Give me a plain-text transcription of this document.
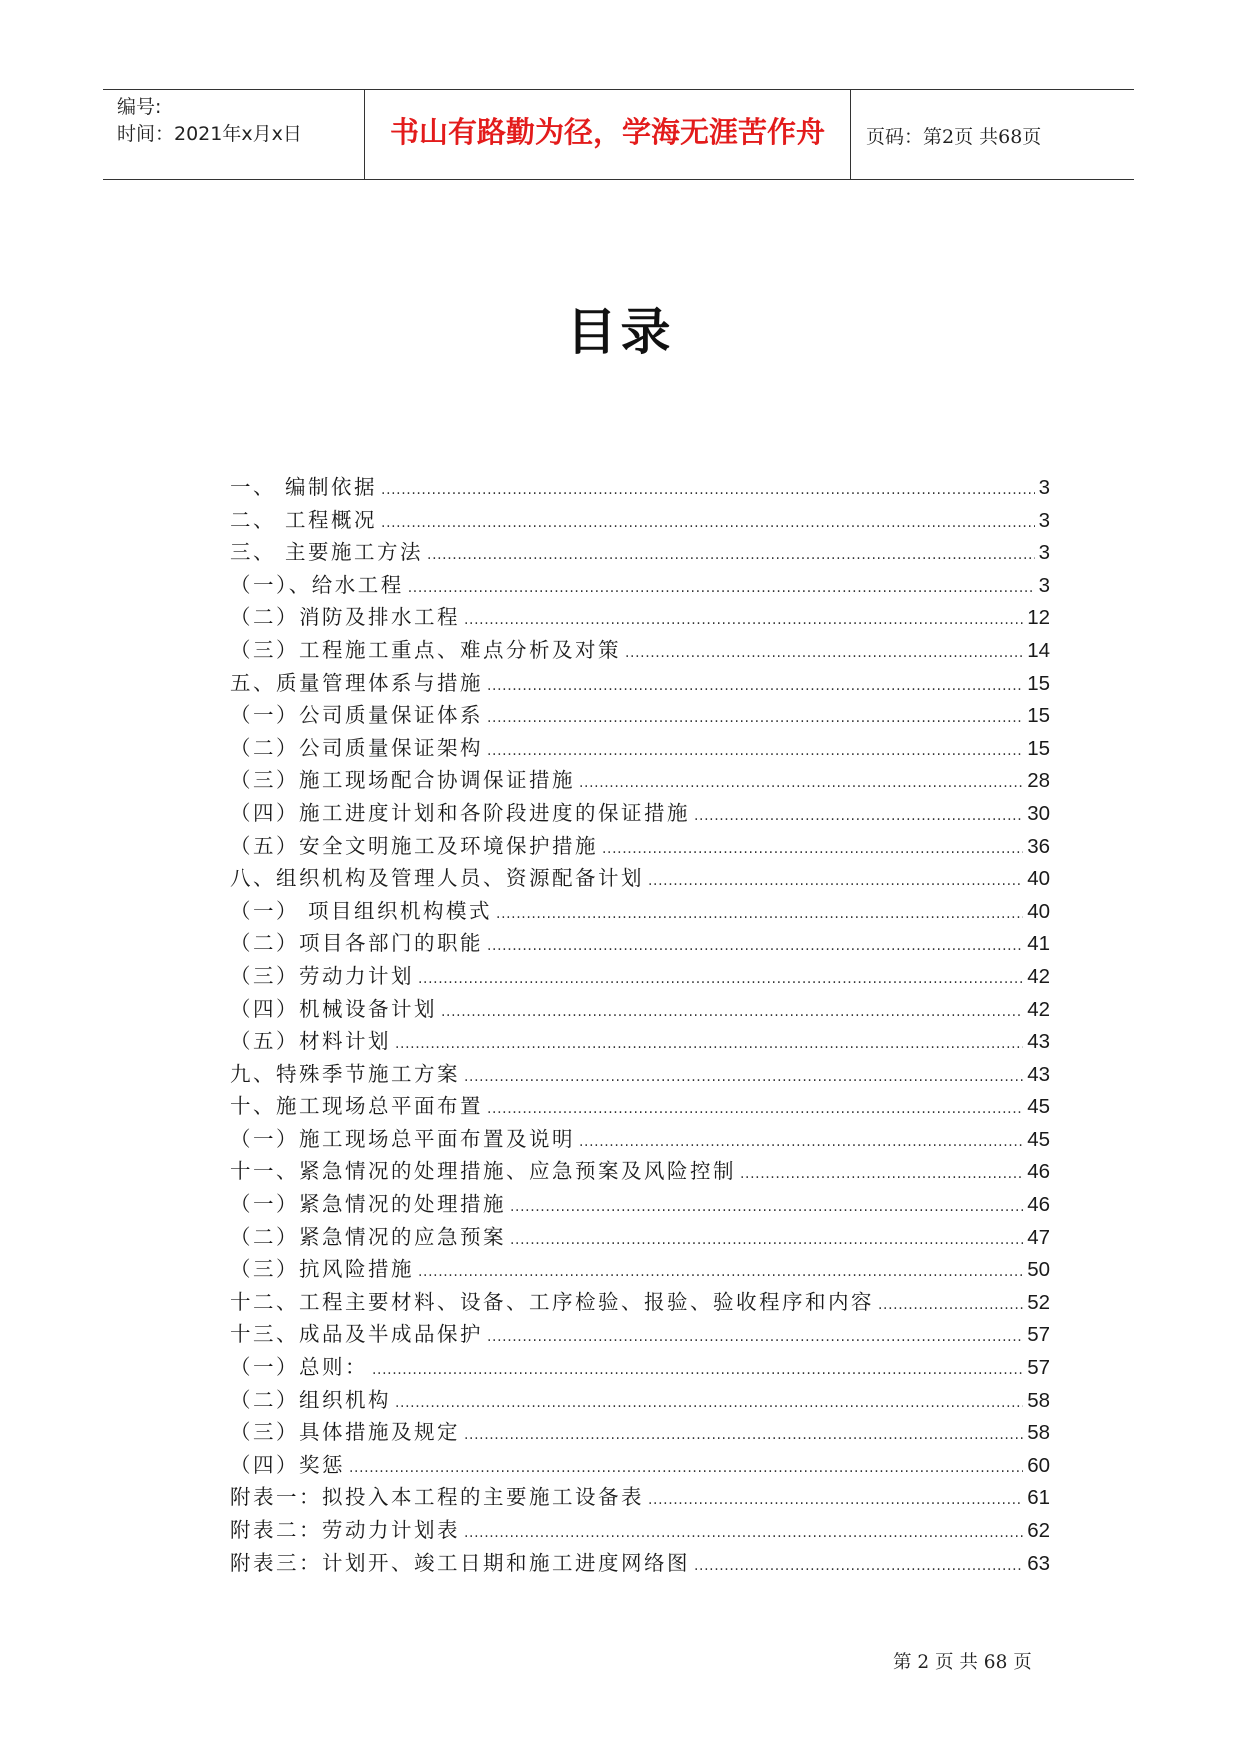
编号:
时间：2021年x月x日	书山有路勤为径，学海无涯苦作舟	页码：第2页 共68页
目录
一、 编制依据 .....	3
二、 工程概况 .....	3
三、 主要施工方法 .....	3
（一）、给水工程 .....	3
（二）消防及排水工程 .....	12
（三）工程施工重点、难点分析及对策 .....	14
五、质量管理体系与措施 .....	15
（一）公司质量保证体系 .....	15
（二）公司质量保证架构 .....	15
（三）施工现场配合协调保证措施 .....	28
（四）施工进度计划和各阶段进度的保证措施 .....	30
（五）安全文明施工及环境保护措施 .....	36
八、组织机构及管理人员、资源配备计划 .....	40
（一） 项目组织机构模式 .....	40
（二）项目各部门的职能 .....	41
（三）劳动力计划 .....	42
（四）机械设备计划 .....	42
（五）材料计划 .....	43
九、特殊季节施工方案 .....	43
十、施工现场总平面布置 .....	45
（一）施工现场总平面布置及说明 .....	45
十一、紧急情况的处理措施、应急预案及风险控制 .....	46
（一）紧急情况的处理措施 .....	46
（二）紧急情况的应急预案 .....	47
（三）抗风险措施 .....	50
十二、工程主要材料、设备、工序检验、报验、验收程序和内容 .....	52
十三、成品及半成品保护 .....	57
（一）总则： .....	57
（二）组织机构 .....	58
（三）具体措施及规定 .....	58
（四）奖惩 .....	60
附表一：拟投入本工程的主要施工设备表 .....	61
附表二：劳动力计划表 .....	62
附表三：计划开、竣工日期和施工进度网络图 .....	63
第 2 页 共 68 页
